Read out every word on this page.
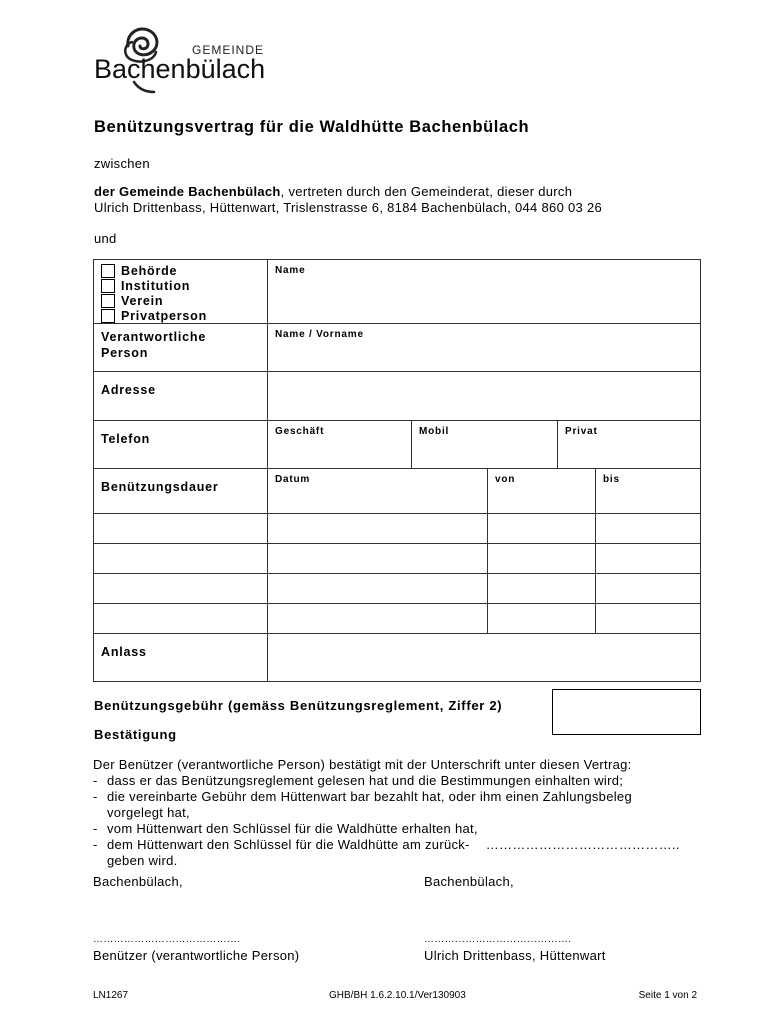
GEMEINDE
Bachenbülach
Benützungsvertrag für die Waldhütte Bachenbülach
zwischen
der Gemeinde Bachenbülach, vertreten durch den Gemeinderat, dieser durch
Ulrich Drittenbass, Hüttenwart, Trislenstrasse 6, 8184 Bachenbülach, 044 860 03 26
und
Behörde
Institution
Verein
Privatperson	Name				

Verantwortliche
Person	Name / Vorname				

Adresse					

Telefon	Geschäft	Mobil		Privat	

Benützungsdauer	Datum		von		bis

Anlass					

Benützungsgebühr (gemäss Benützungsreglement, Ziffer 2)
Bestätigung
Der Benützer (verantwortliche Person) bestätigt mit der Unterschrift unter diesen Vertrag:
- dass er das Benützungsreglement gelesen hat und die Bestimmungen einhalten wird;
- die vereinbarte Gebühr dem Hüttenwart bar bezahlt hat, oder ihm einen Zahlungsbeleg
vorgelegt hat,
- vom Hüttenwart den Schlüssel für die Waldhütte erhalten hat,
- dem Hüttenwart den Schlüssel für die Waldhütte am zurück- ……………………………………..
geben wird.
Bachenbülach,	Bachenbülach,
…………………………………….	…………………………………….
Benützer (verantwortliche Person)	Ulrich Drittenbass, Hüttenwart
LN1267	GHB/BH 1.6.2.10.1/Ver130903	Seite 1 von 2
